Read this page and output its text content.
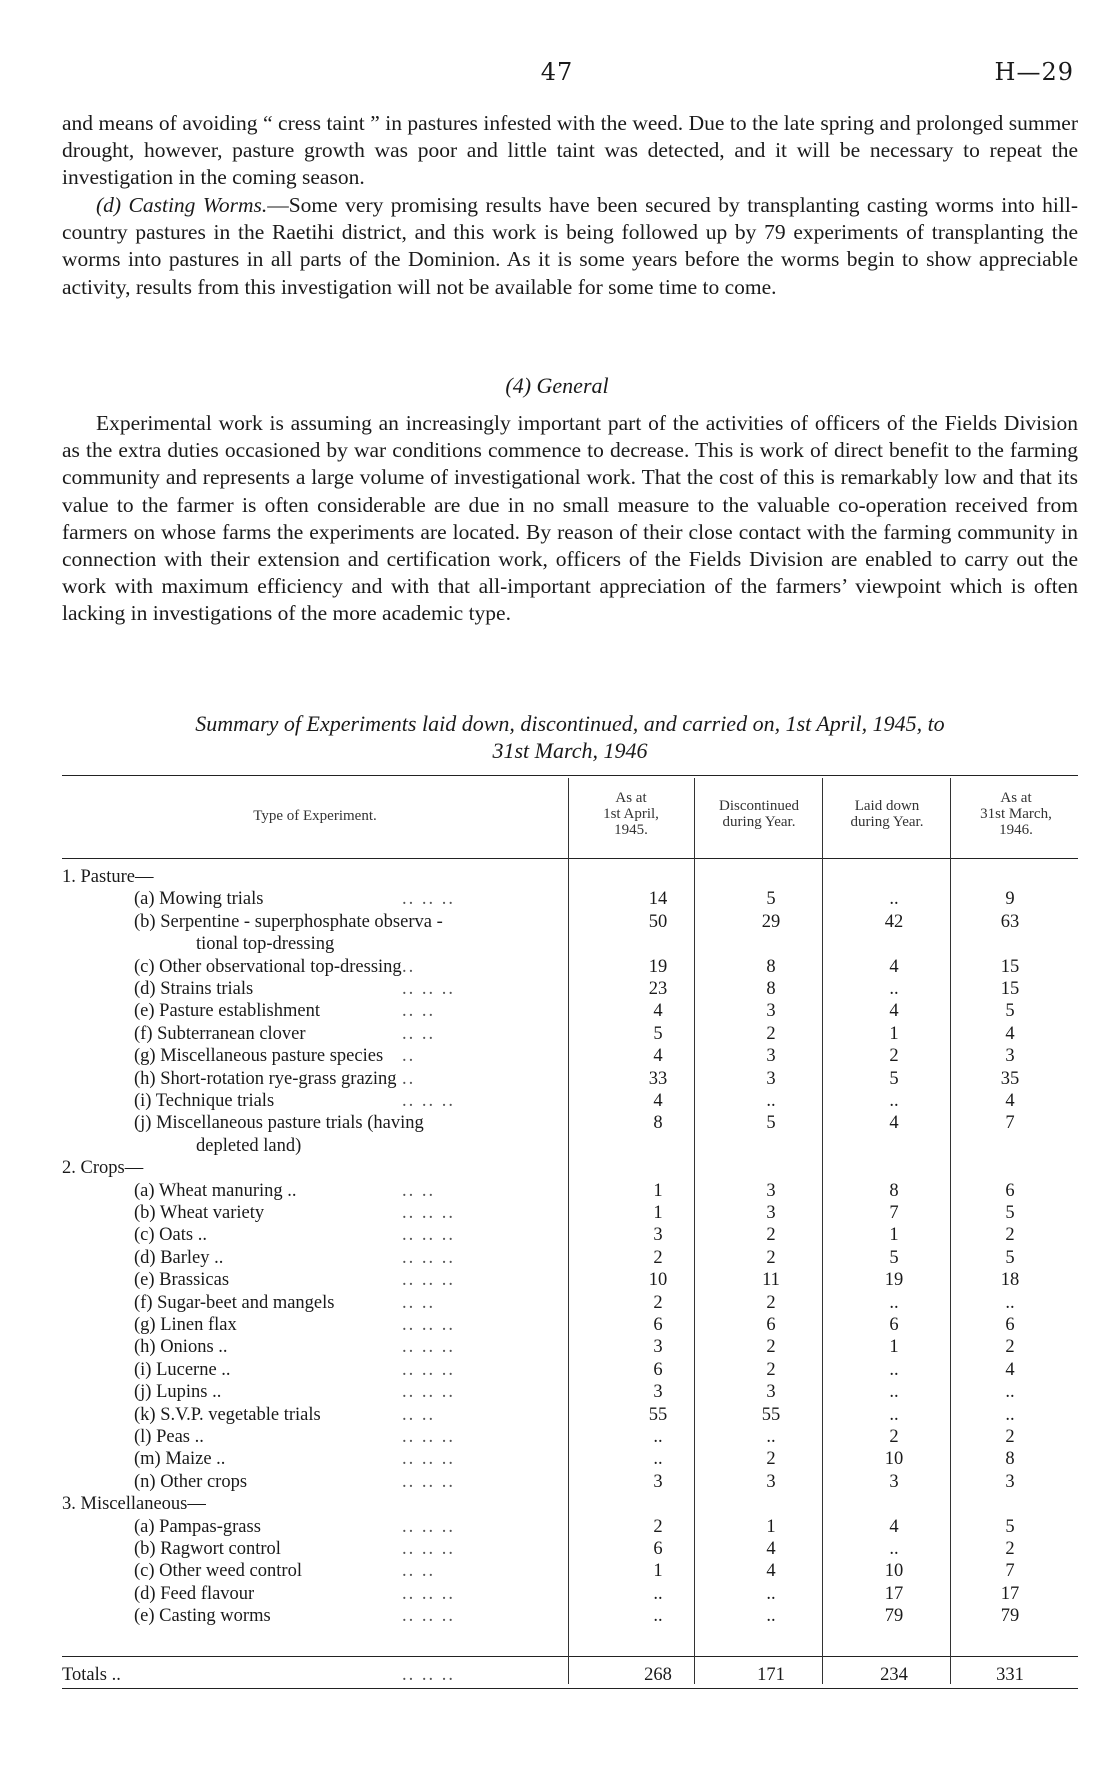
47	H—29

and means of avoiding “ cress taint ” in pastures infested with the weed. Due to the late spring and prolonged summer drought, however, pasture growth was poor and little taint was detected, and it will be necessary to repeat the investigation in the coming season.

(d) Casting Worms.—Some very promising results have been secured by transplanting casting worms into hill-country pastures in the Raetihi district, and this work is being followed up by 79 experiments of transplanting the worms into pastures in all parts of the Dominion. As it is some years before the worms begin to show appreciable activity, results from this investigation will not be available for some time to come.

(4) General

Experimental work is assuming an increasingly important part of the activities of officers of the Fields Division as the extra duties occasioned by war conditions commence to decrease. This is work of direct benefit to the farming community and represents a large volume of investigational work. That the cost of this is remarkably low and that its value to the farmer is often considerable are due in no small measure to the valuable co-operation received from farmers on whose farms the experiments are located. By reason of their close contact with the farming community in connection with their extension and certification work, officers of the Fields Division are enabled to carry out the work with maximum efficiency and with that all-important appreciation of the farmers’ viewpoint which is often lacking in investigations of the more academic type.

Summary of Experiments laid down, discontinued, and carried on, 1st April, 1945, to
31st March, 1946
Type of Experiment.
As at
1st April,
1945.
Discontinued
during Year.
Laid down
during Year.
As at
31st March,
1946.
1. Pasture—
(a) Mowing trials	.. .. ..	14	5	..	9
(b) Serpentine - superphosphate observa -	50	29	42	63
tional top-dressing
(c) Other observational top-dressing ..	19	8	4	15
(d) Strains trials	.. .. ..	23	8	..	15
(e) Pasture establishment	.. ..	4	3	4	5
(f) Subterranean clover	.. ..	5	2	1	4
(g) Miscellaneous pasture species ..	4	3	2	3
(h) Short-rotation rye-grass grazing ..	33	3	5	35
(i) Technique trials	.. .. ..	4	..	..	4
(j) Miscellaneous pasture trials (having	8	5	4	7
depleted land)
2. Crops—
(a) Wheat manuring ..	.. ..	1	3	8	6
(b) Wheat variety	.. .. ..	1	3	7	5
(c) Oats ..	.. .. ..	3	2	1	2
(d) Barley ..	.. .. ..	2	2	5	5
(e) Brassicas	.. .. ..	10	11	19	18
(f) Sugar-beet and mangels	.. ..	2	2	..	..
(g) Linen flax	.. .. ..	6	6	6	6
(h) Onions ..	.. .. ..	3	2	1	2
(i) Lucerne ..	.. .. ..	6	2	..	4
(j) Lupins ..	.. .. ..	3	3	..	..
(k) S.V.P. vegetable trials	.. ..	55	55	..	..
(l) Peas ..	.. .. ..	..	..	2	2
(m) Maize ..	.. .. ..	..	2	10	8
(n) Other crops	.. .. ..	3	3	3	3
3. Miscellaneous—
(a) Pampas-grass	.. .. ..	2	1	4	5
(b) Ragwort control	.. .. ..	6	4	..	2
(c) Other weed control	.. ..	1	4	10	7
(d) Feed flavour	.. .. ..	..	..	17	17
(e) Casting worms	.. .. ..	..	..	79	79
Totals ..	.. .. ..	268	171	234	331
